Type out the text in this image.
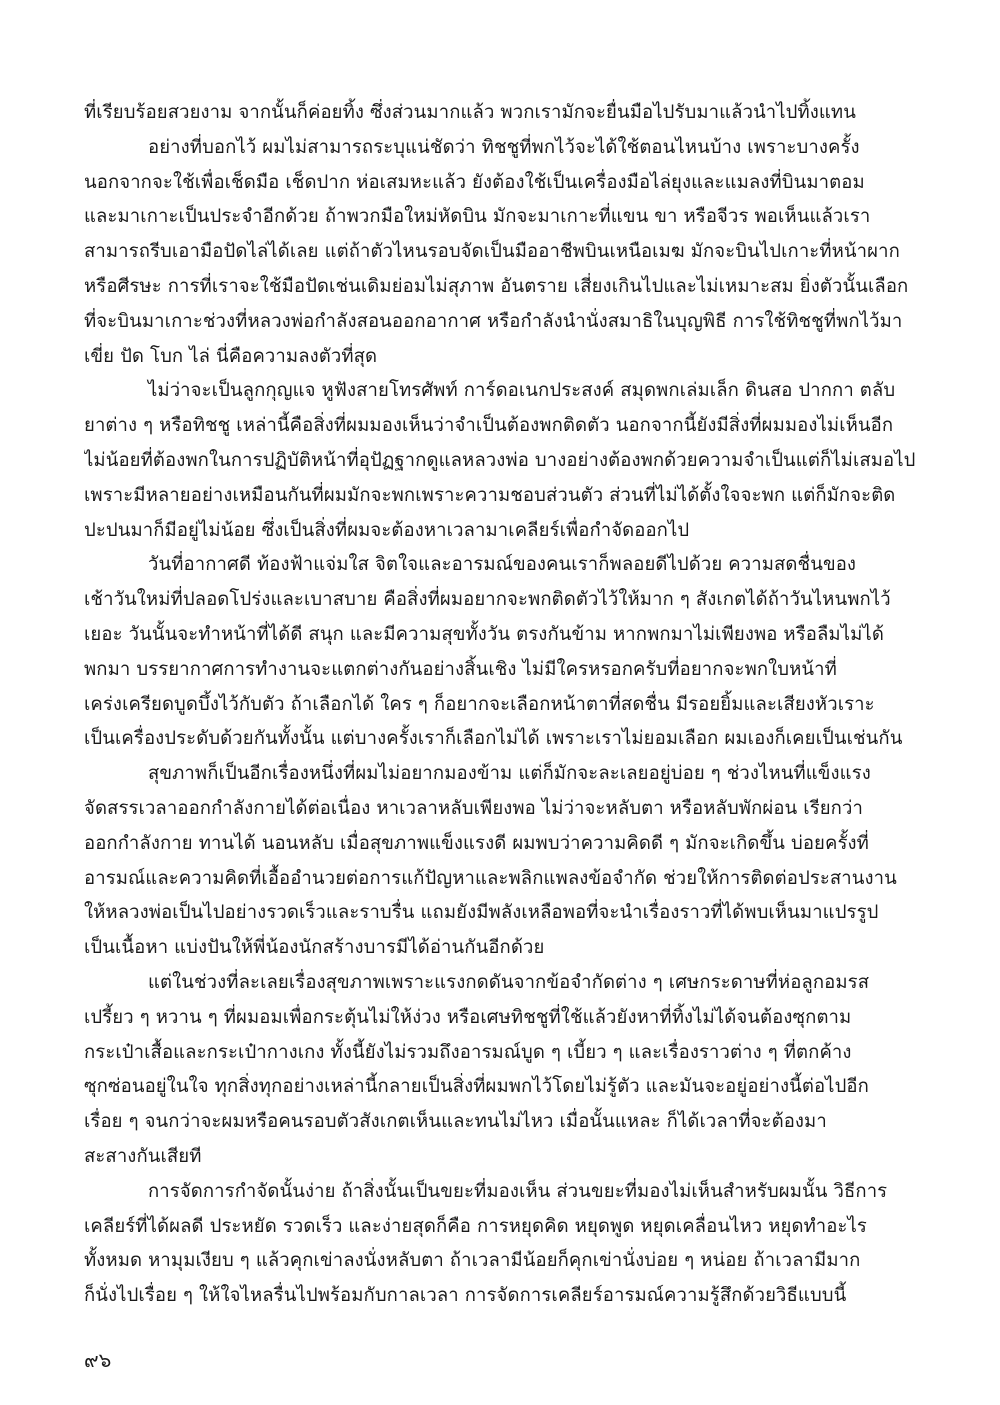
ที่เรียบร้อยสวยงาม จากนั้นก็ค่อยทิ้ง ซึ่งส่วนมากแล้ว พวกเรามักจะยื่นมือไปรับมาแล้วนำไปทิ้งแทน
อย่างที่บอกไว้ ผมไม่สามารถระบุแน่ชัดว่า ทิชชูที่พกไว้จะได้ใช้ตอนไหนบ้าง เพราะบางครั้ง
นอกจากจะใช้เพื่อเช็ดมือ เช็ดปาก ห่อเสมหะแล้ว ยังต้องใช้เป็นเครื่องมือไล่ยุงและแมลงที่บินมาตอม
และมาเกาะเป็นประจำอีกด้วย ถ้าพวกมือใหม่หัดบิน มักจะมาเกาะที่แขน ขา หรือจีวร พอเห็นแล้วเรา
สามารถรีบเอามือปัดไล่ได้เลย แต่ถ้าตัวไหนรอบจัดเป็นมืออาชีพบินเหนือเมฆ มักจะบินไปเกาะที่หน้าผาก
หรือศีรษะ การที่เราจะใช้มือปัดเช่นเดิมย่อมไม่สุภาพ อันตราย เสี่ยงเกินไปและไม่เหมาะสม ยิ่งตัวนั้นเลือก
ที่จะบินมาเกาะช่วงที่หลวงพ่อกำลังสอนออกอากาศ หรือกำลังนำนั่งสมาธิในบุญพิธี การใช้ทิชชูที่พกไว้มา
เขี่ย ปัด โบก ไล่ นี่คือความลงตัวที่สุด
ไม่ว่าจะเป็นลูกกุญแจ หูฟังสายโทรศัพท์ การ์ดอเนกประสงค์ สมุดพกเล่มเล็ก ดินสอ ปากกา ตลับ
ยาต่าง ๆ หรือทิชชู เหล่านี้คือสิ่งที่ผมมองเห็นว่าจำเป็นต้องพกติดตัว นอกจากนี้ยังมีสิ่งที่ผมมองไม่เห็นอีก
ไม่น้อยที่ต้องพกในการปฏิบัติหน้าที่อุปัฏฐากดูแลหลวงพ่อ บางอย่างต้องพกด้วยความจำเป็นแต่ก็ไม่เสมอไป
เพราะมีหลายอย่างเหมือนกันที่ผมมักจะพกเพราะความชอบส่วนตัว ส่วนที่ไม่ได้ตั้งใจจะพก แต่ก็มักจะติด
ปะปนมาก็มีอยู่ไม่น้อย ซึ่งเป็นสิ่งที่ผมจะต้องหาเวลามาเคลียร์เพื่อกำจัดออกไป
วันที่อากาศดี ท้องฟ้าแจ่มใส จิตใจและอารมณ์ของคนเราก็พลอยดีไปด้วย ความสดชื่นของ
เช้าวันใหม่ที่ปลอดโปร่งและเบาสบาย คือสิ่งที่ผมอยากจะพกติดตัวไว้ให้มาก ๆ สังเกตได้ถ้าวันไหนพกไว้
เยอะ วันนั้นจะทำหน้าที่ได้ดี สนุก และมีความสุขทั้งวัน ตรงกันข้าม หากพกมาไม่เพียงพอ หรือลืมไม่ได้
พกมา บรรยากาศการทำงานจะแตกต่างกันอย่างสิ้นเชิง ไม่มีใครหรอกครับที่อยากจะพกใบหน้าที่
เคร่งเครียดบูดบึ้งไว้กับตัว ถ้าเลือกได้ ใคร ๆ ก็อยากจะเลือกหน้าตาที่สดชื่น มีรอยยิ้มและเสียงหัวเราะ
เป็นเครื่องประดับด้วยกันทั้งนั้น แต่บางครั้งเราก็เลือกไม่ได้ เพราะเราไม่ยอมเลือก ผมเองก็เคยเป็นเช่นกัน
สุขภาพก็เป็นอีกเรื่องหนึ่งที่ผมไม่อยากมองข้าม แต่ก็มักจะละเลยอยู่บ่อย ๆ ช่วงไหนที่แข็งแรง
จัดสรรเวลาออกกำลังกายได้ต่อเนื่อง หาเวลาหลับเพียงพอ ไม่ว่าจะหลับตา หรือหลับพักผ่อน เรียกว่า
ออกกำลังกาย ทานได้ นอนหลับ เมื่อสุขภาพแข็งแรงดี ผมพบว่าความคิดดี ๆ มักจะเกิดขึ้น บ่อยครั้งที่
อารมณ์และความคิดที่เอื้ออำนวยต่อการแก้ปัญหาและพลิกแพลงข้อจำกัด ช่วยให้การติดต่อประสานงาน
ให้หลวงพ่อเป็นไปอย่างรวดเร็วและราบรื่น แถมยังมีพลังเหลือพอที่จะนำเรื่องราวที่ได้พบเห็นมาแปรรูป
เป็นเนื้อหา แบ่งปันให้พี่น้องนักสร้างบารมีได้อ่านกันอีกด้วย
แต่ในช่วงที่ละเลยเรื่องสุขภาพเพราะแรงกดดันจากข้อจำกัดต่าง ๆ เศษกระดาษที่ห่อลูกอมรส
เปรี้ยว ๆ หวาน ๆ ที่ผมอมเพื่อกระตุ้นไม่ให้ง่วง หรือเศษทิชชูที่ใช้แล้วยังหาที่ทิ้งไม่ได้จนต้องซุกตาม
กระเป๋าเสื้อและกระเป๋ากางเกง ทั้งนี้ยังไม่รวมถึงอารมณ์บูด ๆ เบี้ยว ๆ และเรื่องราวต่าง ๆ ที่ตกค้าง
ซุกซ่อนอยู่ในใจ ทุกสิ่งทุกอย่างเหล่านี้กลายเป็นสิ่งที่ผมพกไว้โดยไม่รู้ตัว และมันจะอยู่อย่างนี้ต่อไปอีก
เรื่อย ๆ จนกว่าจะผมหรือคนรอบตัวสังเกตเห็นและทนไม่ไหว เมื่อนั้นแหละ ก็ได้เวลาที่จะต้องมา
สะสางกันเสียที
การจัดการกำจัดนั้นง่าย ถ้าสิ่งนั้นเป็นขยะที่มองเห็น ส่วนขยะที่มองไม่เห็นสำหรับผมนั้น วิธีการ
เคลียร์ที่ได้ผลดี ประหยัด รวดเร็ว และง่ายสุดก็คือ การหยุดคิด หยุดพูด หยุดเคลื่อนไหว หยุดทำอะไร
ทั้งหมด หามุมเงียบ ๆ แล้วคุกเข่าลงนั่งหลับตา ถ้าเวลามีน้อยก็คุกเข่านั่งบ่อย ๆ หน่อย ถ้าเวลามีมาก
ก็นั่งไปเรื่อย ๆ ให้ใจไหลรื่นไปพร้อมกับกาลเวลา การจัดการเคลียร์อารมณ์ความรู้สึกด้วยวิธีแบบนี้
๙๖
